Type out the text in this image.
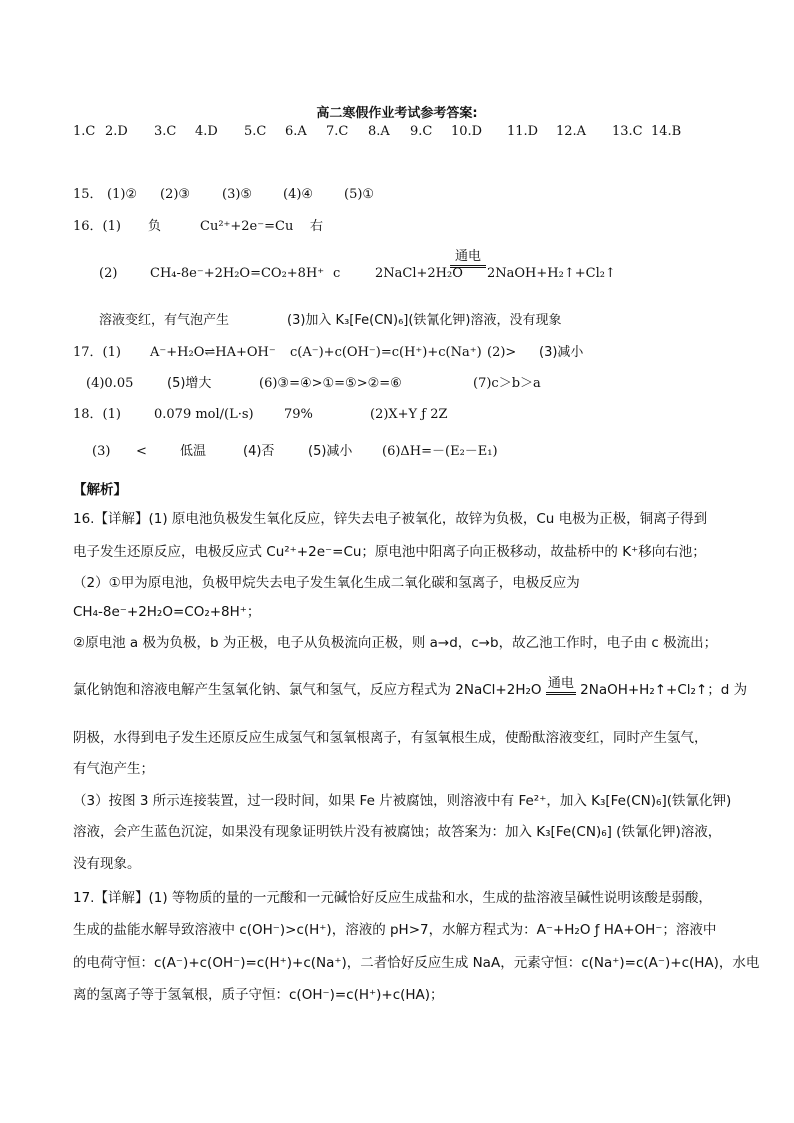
高二寒假作业考试参考答案:
1.C 2.D 3.C 4.D 5.C 6.A 7.C 8.A 9.C 10.D 11.D 12.A 13.C 14.B
15． (1)② (2)③ (3)⑤ (4)④ (5)①
16．(1) 负	Cu²⁺+2e⁻=Cu 右
(2)	CH₄-8e⁻+2H₂O=CO₂+8H⁺ c	2NaCl+2H₂O
通电
2NaOH+H₂↑+Cl₂↑
溶液变红，有气泡产生	(3)加入 K₃[Fe(CN)₆](铁氰化钾)溶液，没有现象
17．(1) A⁻+H₂O⇌HA+OH⁻ c(A⁻)+c(OH⁻)=c(H⁺)+c(Na⁺) (2)> (3)减小
(4)0.05	(5)增大	(6)③=④>①=⑤>②=⑥	(7)c＞b＞a
18．(1)	0.079 mol/(L·s) 79%	(2)X+Y ƒ 2Z
(3) <	低温	(4)否	(5)减小 (6)ΔH=－(E₂－E₁)
【解析】
16.【详解】(1) 原电池负极发生氧化反应，锌失去电子被氧化，故锌为负极，Cu 电极为正极，铜离子得到
电子发生还原反应，电极反应式 Cu²⁺+2e⁻=Cu；原电池中阳离子向正极移动，故盐桥中的 K⁺移向右池；
（2）①甲为原电池，负极甲烷失去电子发生氧化生成二氧化碳和氢离子，电极反应为
CH₄-8e⁻+2H₂O=CO₂+8H⁺；
②原电池 a 极为负极，b 为正极，电子从负极流向正极，则 a→d，c→b，故乙池工作时，电子由 c 极流出；
氯化钠饱和溶液电解产生氢氧化钠、氯气和氢气，反应方程式为 2NaCl+2H₂O 通电 2NaOH+H₂↑+Cl₂↑；d 为
阴极，水得到电子发生还原反应生成氢气和氢氧根离子，有氢氧根生成，使酚酞溶液变红，同时产生氢气，
有气泡产生；
（3）按图 3 所示连接装置，过一段时间，如果 Fe 片被腐蚀，则溶液中有 Fe²⁺，加入 K₃[Fe(CN)₆](铁氰化钾)
溶液，会产生蓝色沉淀，如果没有现象证明铁片没有被腐蚀；故答案为：加入 K₃[Fe(CN)₆] (铁氰化钾)溶液，
没有现象。
17.【详解】(1) 等物质的量的一元酸和一元碱恰好反应生成盐和水，生成的盐溶液呈碱性说明该酸是弱酸，
生成的盐能水解导致溶液中 c(OH⁻)>c(H⁺)，溶液的 pH>7，水解方程式为：A⁻+H₂O ƒ HA+OH⁻；溶液中
的电荷守恒：c(A⁻)+c(OH⁻)=c(H⁺)+c(Na⁺)，二者恰好反应生成 NaA，元素守恒：c(Na⁺)=c(A⁻)+c(HA)，水电
离的氢离子等于氢氧根，质子守恒：c(OH⁻)=c(H⁺)+c(HA)；
